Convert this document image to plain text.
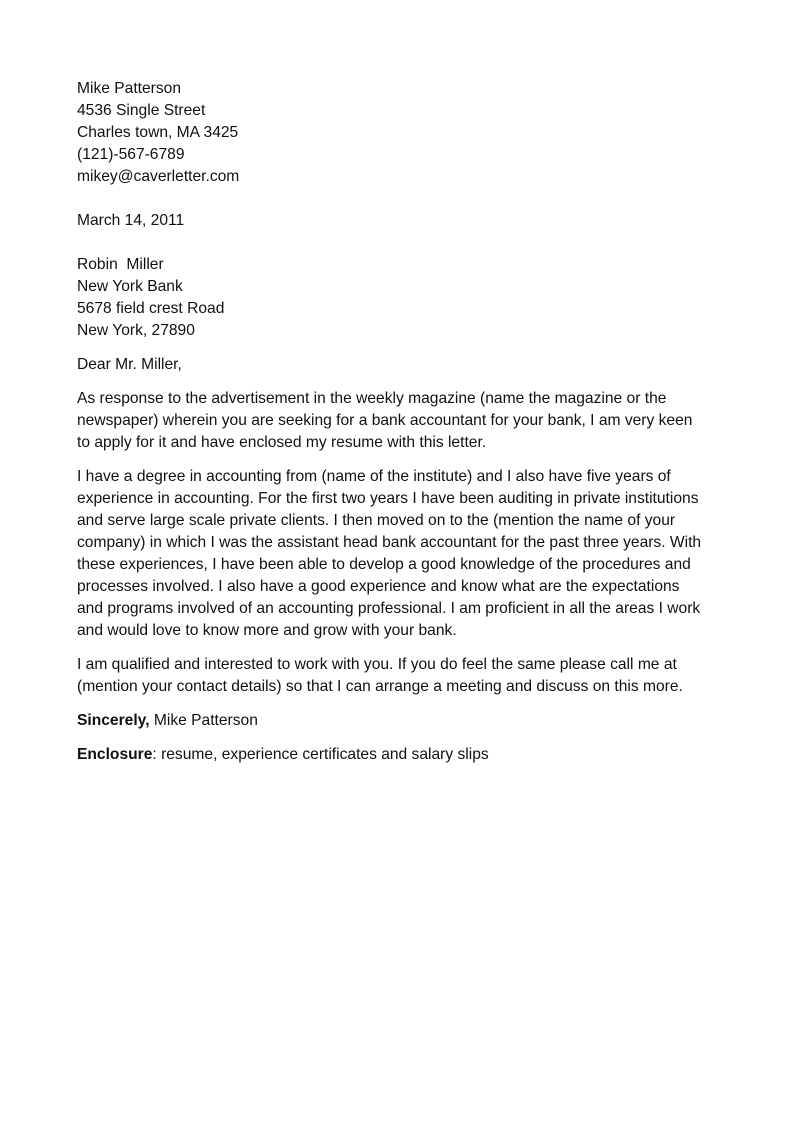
Mike Patterson
4536 Single Street
Charles town, MA 3425
(121)-567-6789
mikey@caverletter.com
March 14, 2011
Robin  Miller
New York Bank
5678 field crest Road
New York, 27890
Dear Mr. Miller,
As response to the advertisement in the weekly magazine (name the magazine or the
newspaper) wherein you are seeking for a bank accountant for your bank, I am very keen
to apply for it and have enclosed my resume with this letter.
I have a degree in accounting from (name of the institute) and I also have five years of
experience in accounting. For the first two years I have been auditing in private institutions
and serve large scale private clients. I then moved on to the (mention the name of your
company) in which I was the assistant head bank accountant for the past three years. With
these experiences, I have been able to develop a good knowledge of the procedures and
processes involved. I also have a good experience and know what are the expectations
and programs involved of an accounting professional. I am proficient in all the areas I work
and would love to know more and grow with your bank.
I am qualified and interested to work with you. If you do feel the same please call me at
(mention your contact details) so that I can arrange a meeting and discuss on this more.
Sincerely, Mike Patterson
Enclosure: resume, experience certificates and salary slips
